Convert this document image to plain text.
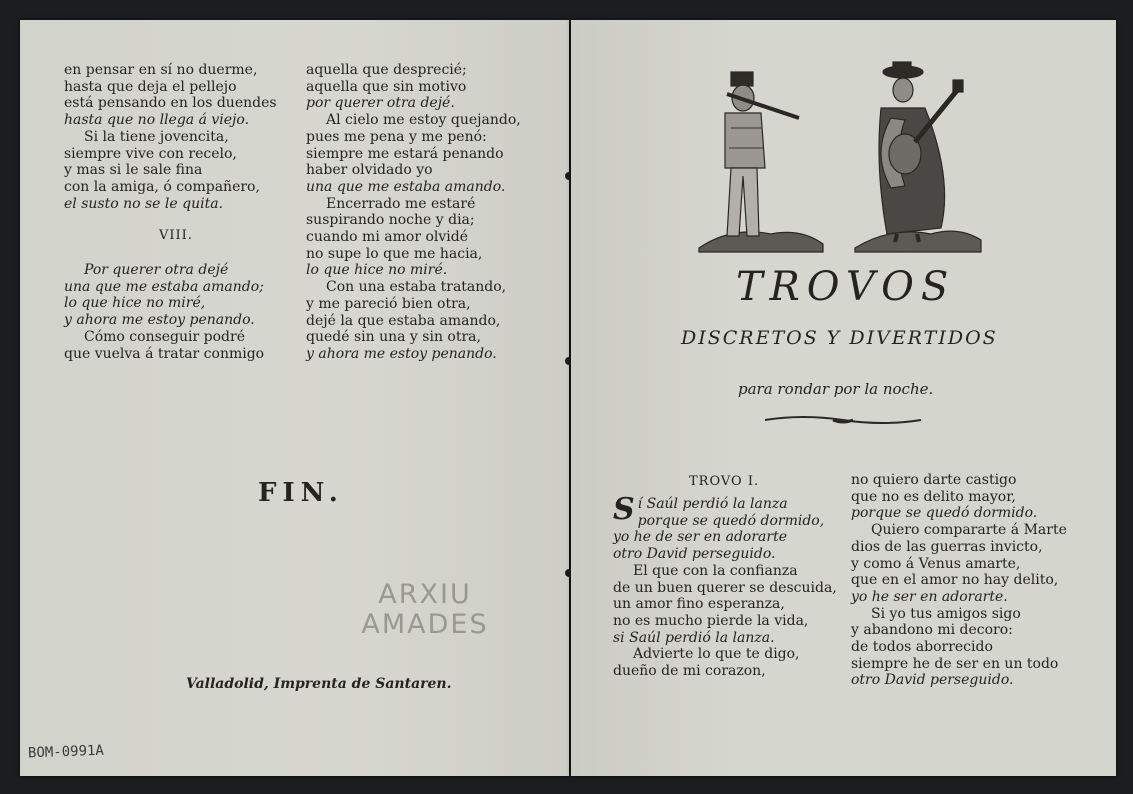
en pensar en sí no duerme,
hasta que deja el pellejo
está pensando en los duendes
hasta que no llega á viejo.
Si la tiene jovencita,
siempre vive con recelo,
y mas si le sale fina
con la amiga, ó compañero,
el susto no se le quita.
VIII.
Por querer otra dejé
una que me estaba amando;
lo que hice no miré,
y ahora me estoy penando.
Cómo conseguir podré
que vuelva á tratar conmigo
aquella que desprecié;
aquella que sin motivo
por querer otra dejé.
Al cielo me estoy quejando,
pues me pena y me penó:
siempre me estará penando
haber olvidado yo
una que me estaba amando.
Encerrado me estaré
suspirando noche y dia;
cuando mi amor olvidé
no supe lo que me hacia,
lo que hice no miré.
Con una estaba tratando,
y me pareció bien otra,
dejé la que estaba amando,
quedé sin una y sin otra,
y ahora me estoy penando.
FIN.
ARXIU
AMADES
Valladolid, Imprenta de Santaren.
BOM-0991A
TROVOS
DISCRETOS Y DIVERTIDOS
para rondar por la noche.
TROVO I.
S í Saúl perdió la lanza
porque se quedó dormido,
yo he de ser en adorarte
otro David perseguido.
El que con la confianza
de un buen querer se descuida,
un amor fino esperanza,
no es mucho pierde la vida,
si Saúl perdió la lanza.
Advierte lo que te digo,
dueño de mi corazon,
no quiero darte castigo
que no es delito mayor,
porque se quedó dormido.
Quiero compararte á Marte
dios de las guerras invicto,
y como á Venus amarte,
que en el amor no hay delito,
yo he ser en adorarte.
Si yo tus amigos sigo
y abandono mi decoro:
de todos aborrecido
siempre he de ser en un todo
otro David perseguido.
